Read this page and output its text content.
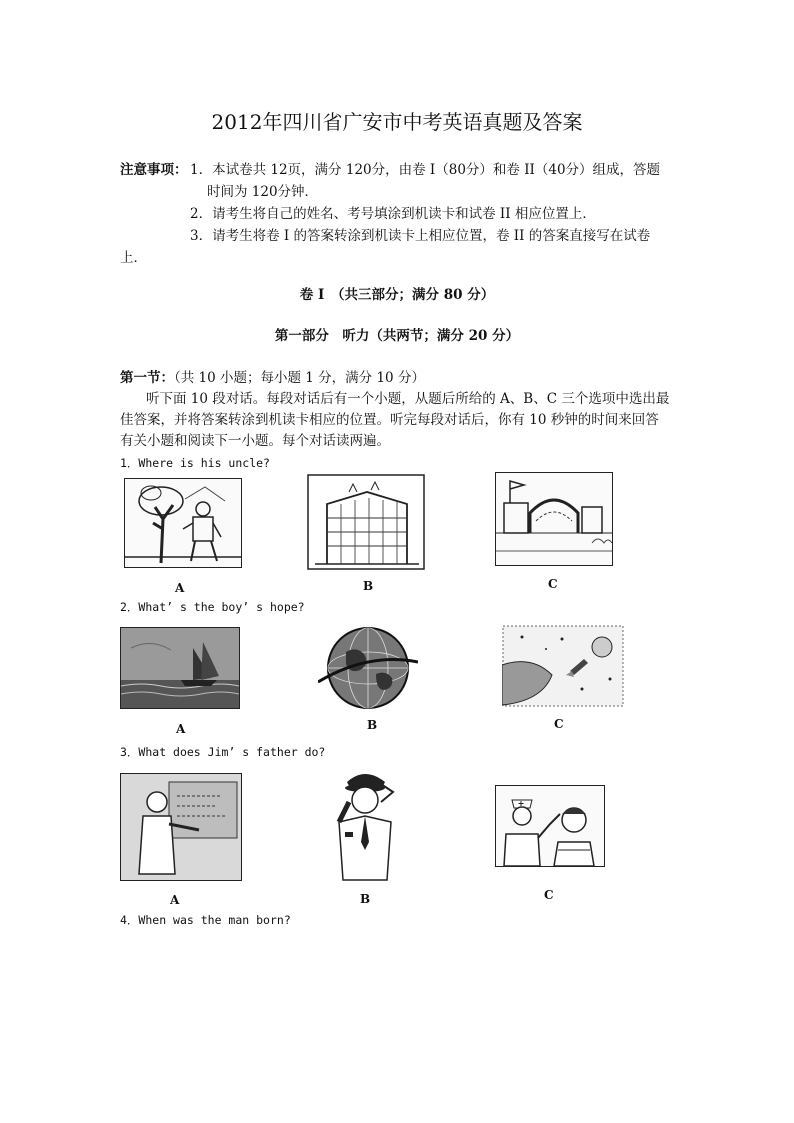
2012年四川省广安市中考英语真题及答案
注意事项： 1．本试卷共 12页，满分 120分，由卷 I（80分）和卷 II（40分）组成，答题
时间为 120分钟．
2．请考生将自己的姓名、考号填涂到机读卡和试卷 II 相应位置上．
3．请考生将卷 I 的答案转涂到机读卡上相应位置，卷 II 的答案直接写在试卷
上．
卷 I　（共三部分；满分 80 分）
第一部分　听力（共两节；满分 20 分）
第一节：（共 10 小题；每小题 1 分，满分 10 分）
听下面 10 段对话。每段对话后有一个小题，从题后所给的 A、B、C 三个选项中选出最
佳答案，并将答案转涂到机读卡相应的位置。听完每段对话后，你有 10 秒钟的时间来回答
有关小题和阅读下一小题。每个对话读两遍。
1．Where is his uncle?
A	B	C
2．What’ s the boy’ s hope?
A	B	C
3．What does Jim’ s father do?
A	B	C
4．When was the man born?
